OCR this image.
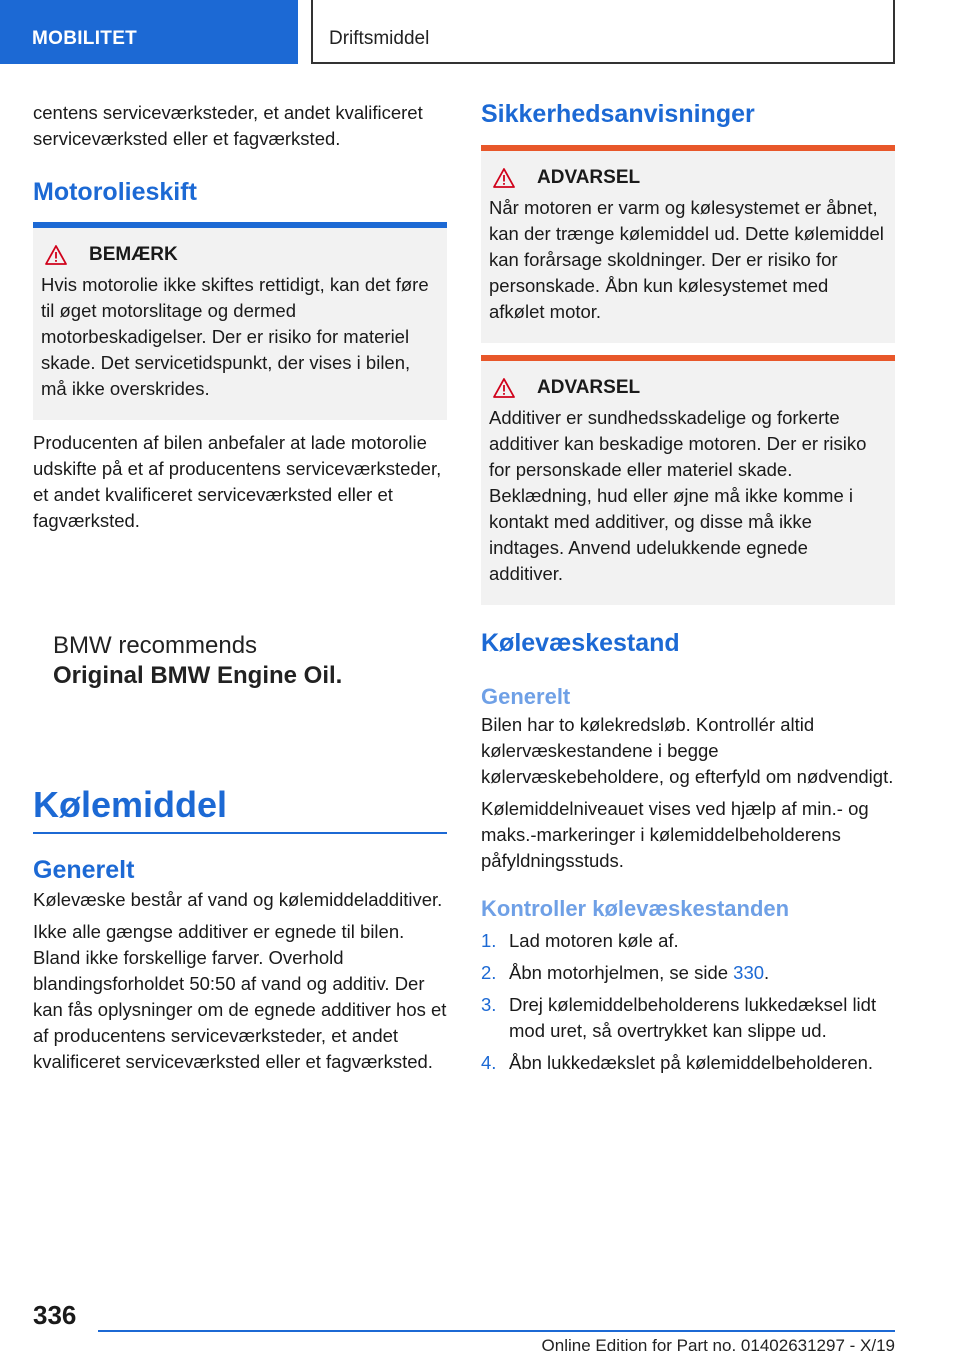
MOBILITET	Driftsmiddel

centens serviceværksteder, et andet kvalificeret serviceværksted eller et fagværksted.

Motorolieskift
BEMÆRK

Hvis motorolie ikke skiftes rettidigt, kan det føre til øget motorslitage og dermed motorbeskadigelser. Der er risiko for materiel skade. Det servicetidspunkt, der vises i bilen, må ikke overskrides.

Producenten af bilen anbefaler at lade motorolie udskifte på et af producentens serviceværksteder, et andet kvalificeret serviceværksted eller et fagværksted.

BMW recommends
Original BMW Engine Oil.
Kølemiddel
Generelt

Kølevæske består af vand og kølemiddeladditiver.

Ikke alle gængse additiver er egnede til bilen. Bland ikke forskellige farver. Overhold blandingsforholdet 50:50 af vand og additiv. Der kan fås oplysninger om de egnede additiver hos et af producentens serviceværksteder, et andet kvalificeret serviceværksted eller et fagværksted.

Sikkerhedsanvisninger
ADVARSEL

Når motoren er varm og kølesystemet er åbnet, kan der trænge kølemiddel ud. Dette kølemiddel kan forårsage skoldninger. Der er risiko for personskade. Åbn kun kølesystemet med afkølet motor.

ADVARSEL

Additiver er sundhedsskadelige og forkerte additiver kan beskadige motoren. Der er risiko for personskade eller materiel skade. Beklædning, hud eller øjne må ikke komme i kontakt med additiver, og disse må ikke indtages. Anvend udelukkende egnede additiver.

Kølevæskestand
Generelt

Bilen har to kølekredsløb. Kontrollér altid kølervæskestandene i begge kølervæskebeholdere, og efterfyld om nødvendigt.

Kølemiddelniveauet vises ved hjælp af min.- og maks.-markeringer i kølemiddelbeholderens påfyldningsstuds.

Kontroller kølevæskestanden
1. Lad motoren køle af.
2. Åbn motorhjelmen, se side 330.
3. Drej kølemiddelbeholderens lukkedæksel lidt mod uret, så overtrykket kan slippe ud.
4. Åbn lukkedækslet på kølemiddelbeholderen.
336
Online Edition for Part no. 01402631297 - X/19
